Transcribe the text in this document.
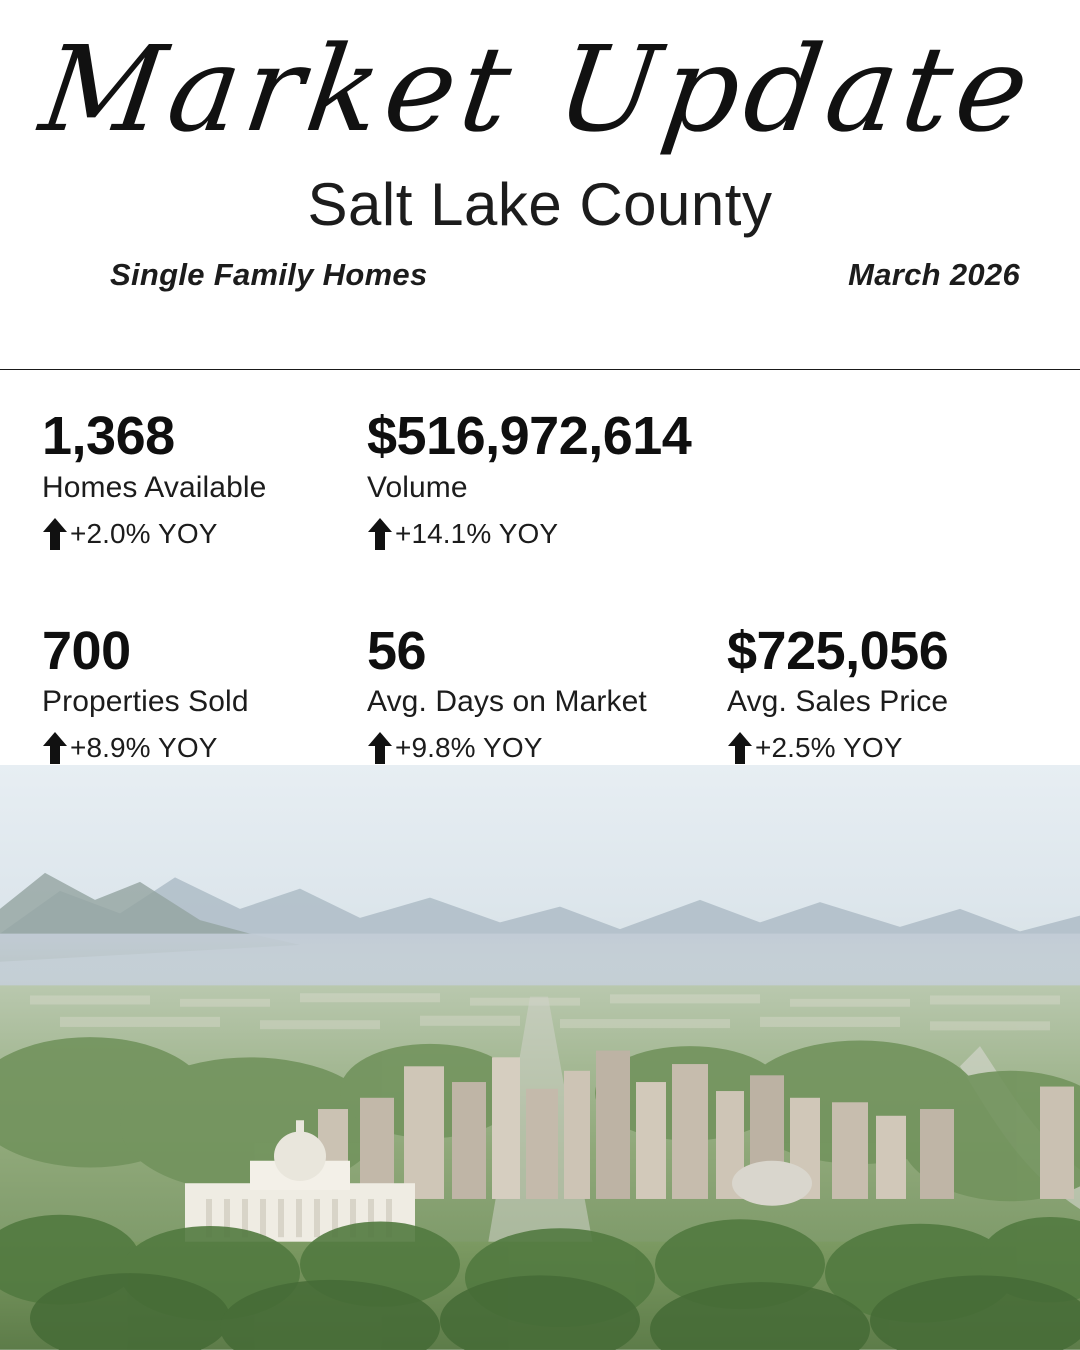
Market Update
Salt Lake County
Single Family Homes	March 2026
1,368
Homes Available
+2.0% YOY
$516,972,614
Volume
+14.1% YOY
700
Properties Sold
+8.9% YOY
56
Avg. Days on Market
+9.8% YOY
$725,056
Avg. Sales Price
+2.5% YOY
